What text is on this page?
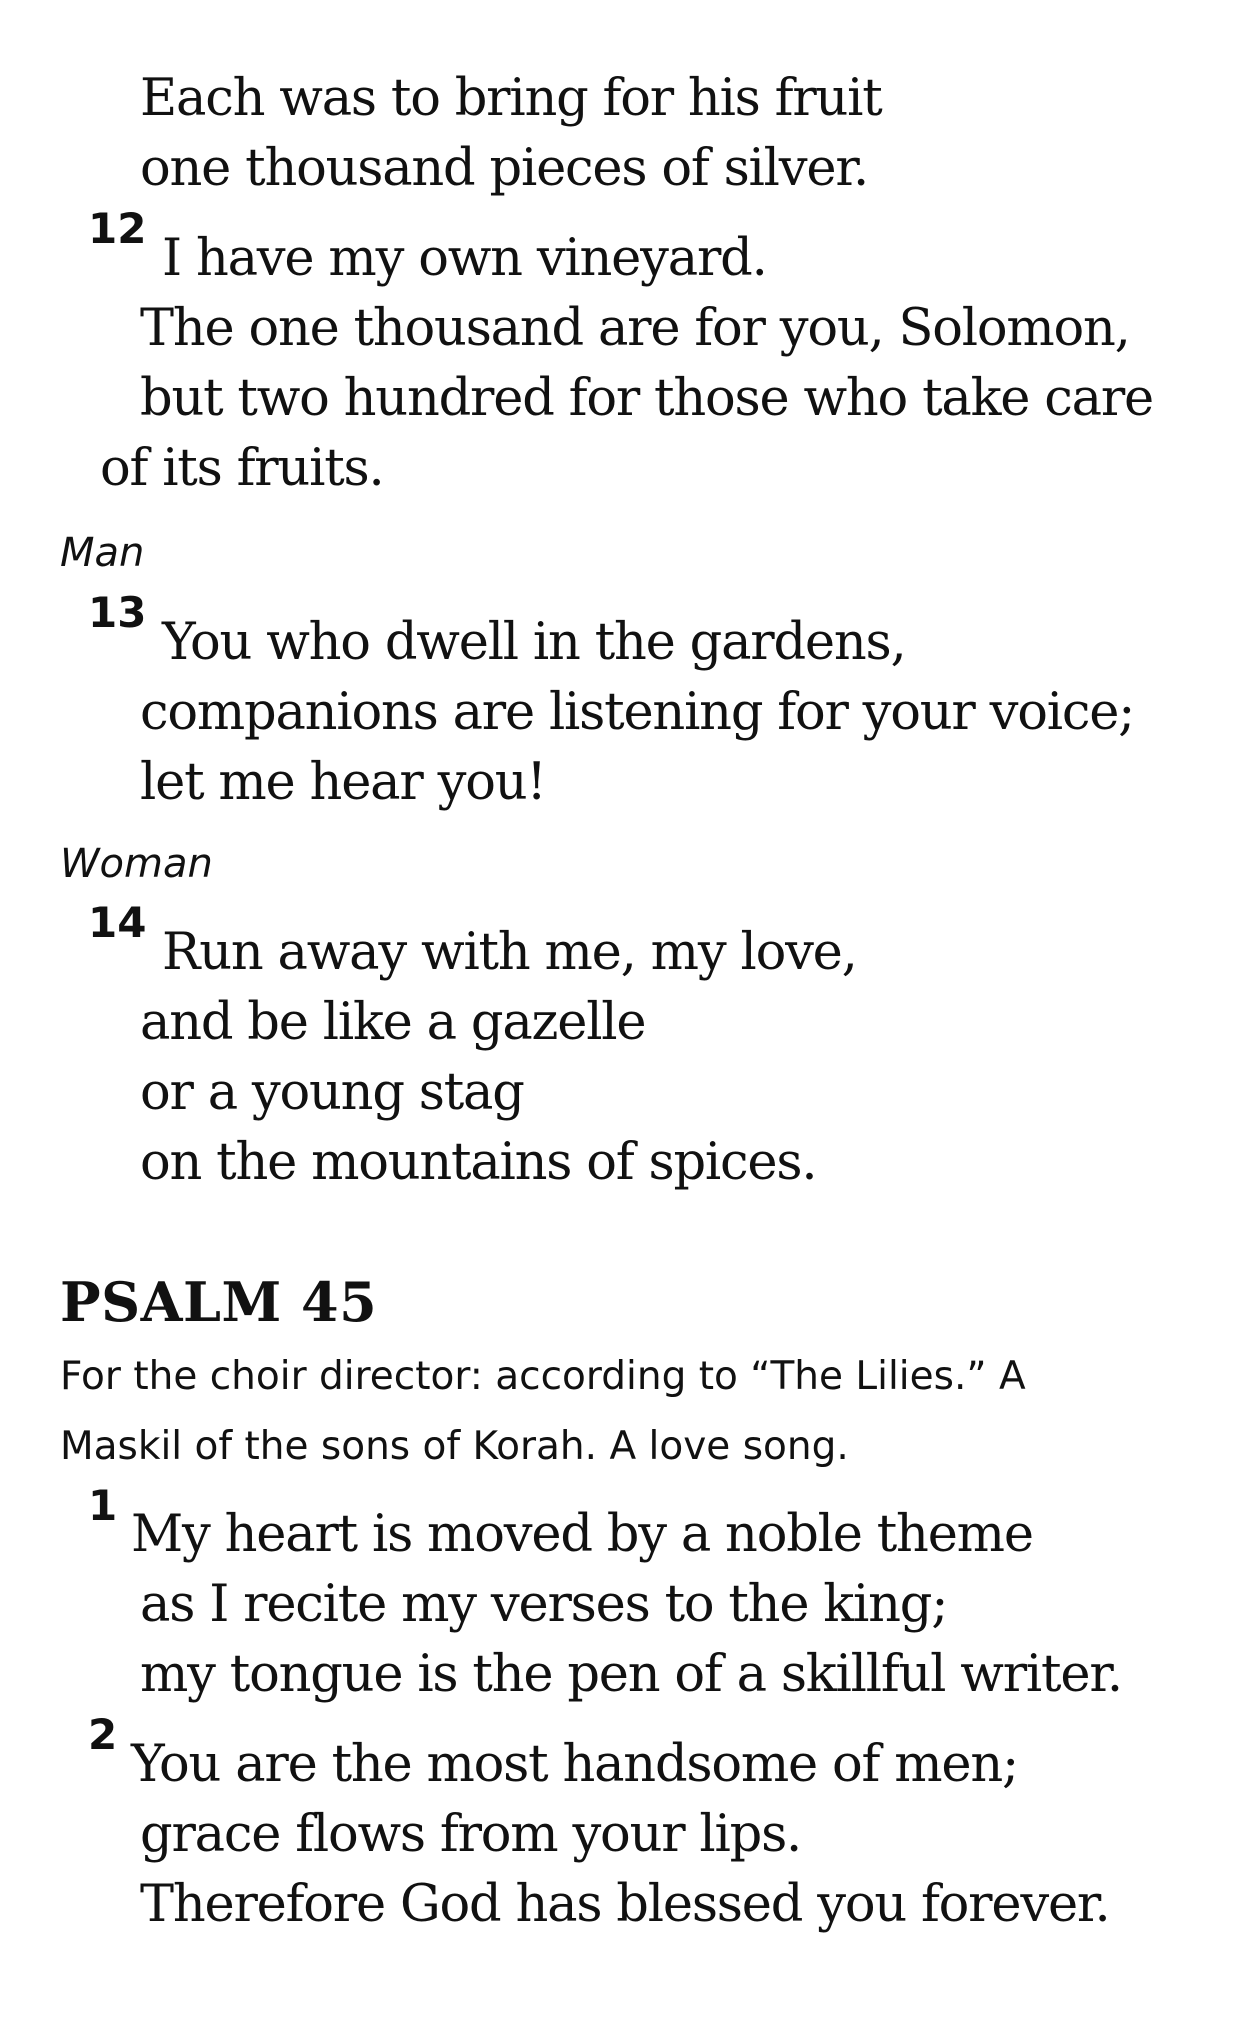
Each was to bring for his fruit
one thousand pieces of silver.
12
I have my own vineyard.
The one thousand are for you, Solomon,
but two hundred for those who take care
of its fruits.
Man
13
You who dwell in the gardens,
companions are listening for your voice;
let me hear you!
Woman
14
Run away with me, my love,
and be like a gazelle
or a young stag
on the mountains of spices.
PSALM 45
For the choir director: according to “The Lilies.” A
Maskil of the sons of Korah. A love song.
1 My heart is moved by a noble theme
as I recite my verses to the king;
my tongue is the pen of a skillful writer.
2
You are the most handsome of men;
grace flows from your lips.
Therefore God has blessed you forever.
